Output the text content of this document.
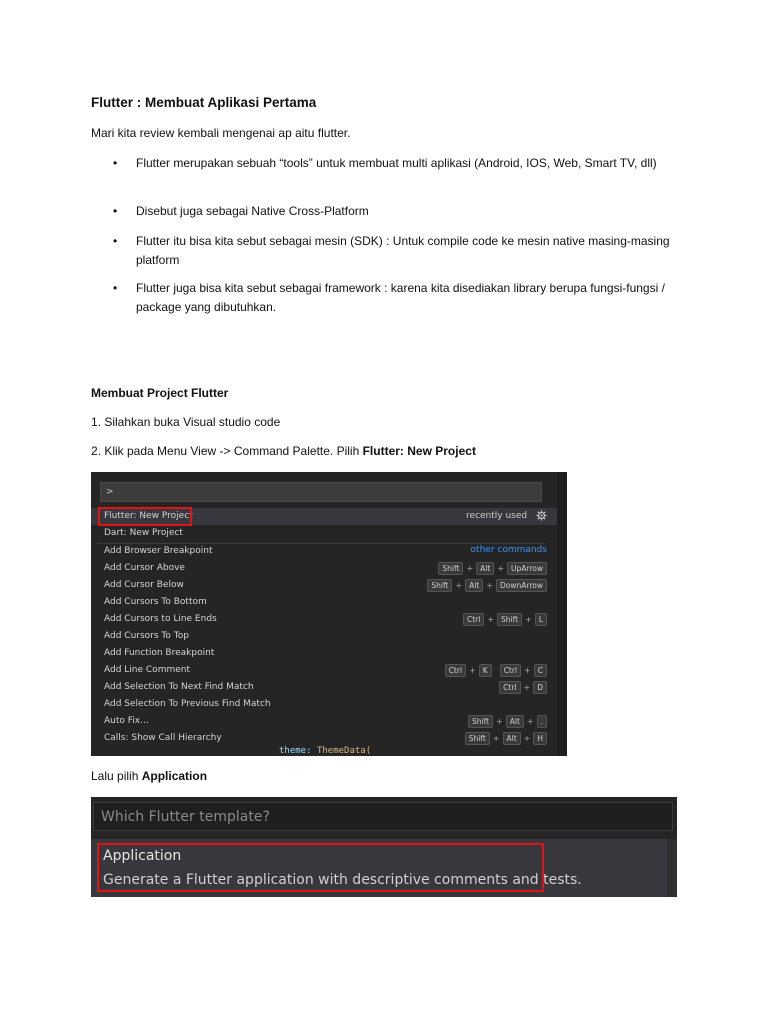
Flutter : Membuat Aplikasi Pertama
Mari kita review kembali mengenai ap aitu flutter.
•	Flutter merupakan sebuah “tools” untuk membuat multi aplikasi (Android, IOS, Web, Smart TV, dll)
•	Disebut juga sebagai Native Cross-Platform
•	Flutter itu bisa kita sebut sebagai mesin (SDK) : Untuk compile code ke mesin native masing-masing platform
•	Flutter juga bisa kita sebut sebagai framework : karena kita disediakan library berupa fungsi-fungsi / package yang dibutuhkan.
Membuat Project Flutter
1. Silahkan buka Visual studio code
2. Klik pada Menu View -> Command Palette. Pilih Flutter: New Project
>
Flutter: New Project	recently used
Dart: New Project
Add Browser Breakpoint	other commands
Add Cursor Above	Shift + Alt + UpArrow
Add Cursor Below	Shift + Alt + DownArrow
Add Cursors To Bottom
Add Cursors to Line Ends	Ctrl + Shift + L
Add Cursors To Top
Add Function Breakpoint
Add Line Comment	Ctrl + K Ctrl + C
Add Selection To Next Find Match	Ctrl + D
Add Selection To Previous Find Match
Auto Fix...	Shift + Alt + .
Calls: Show Call Hierarchy	Shift + Alt + H
theme: ThemeData(
Lalu pilih Application
Which Flutter template?
Application
Generate a Flutter application with descriptive comments and tests.
